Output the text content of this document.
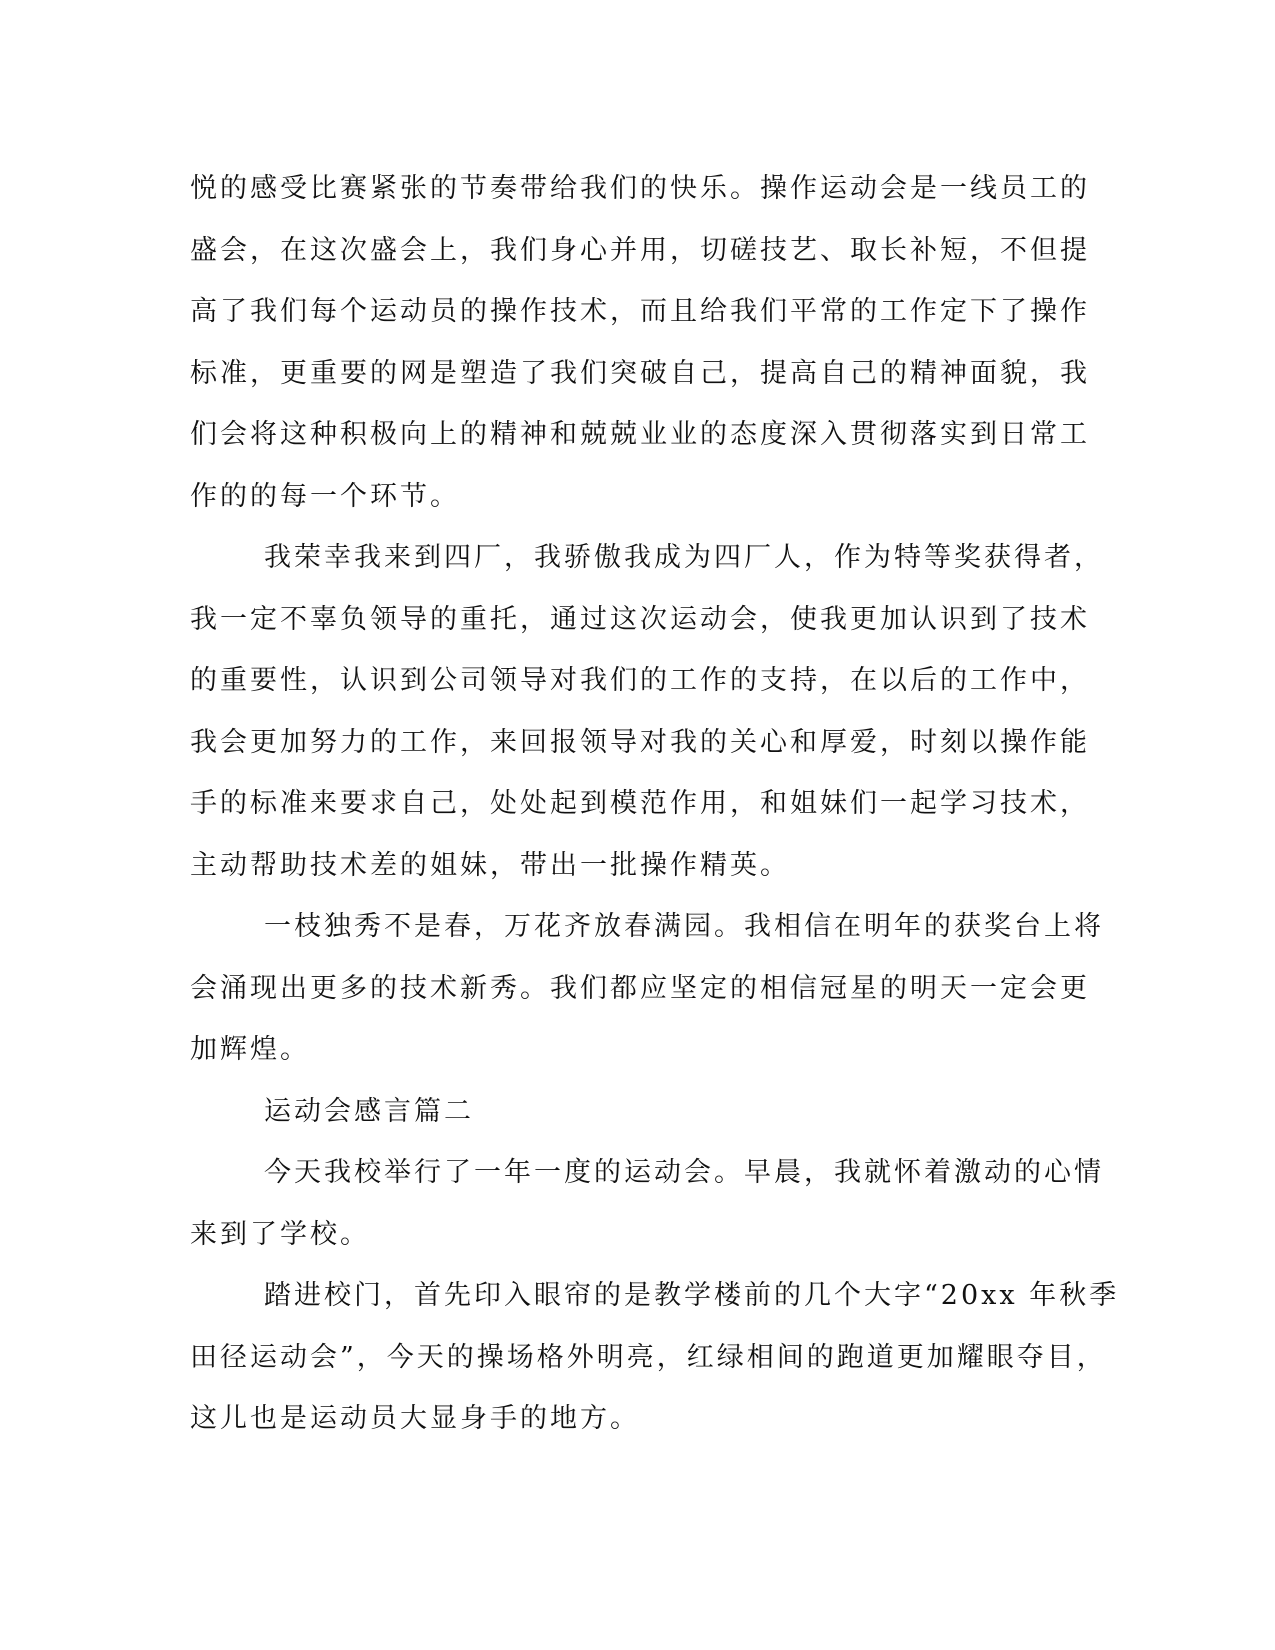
悦的感受比赛紧张的节奏带给我们的快乐。操作运动会是一线员工的
盛会，在这次盛会上，我们身心并用，切磋技艺、取长补短，不但提
高了我们每个运动员的操作技术，而且给我们平常的工作定下了操作
标准，更重要的网是塑造了我们突破自己，提高自己的精神面貌，我
们会将这种积极向上的精神和兢兢业业的态度深入贯彻落实到日常工
作的的每一个环节。
我荣幸我来到四厂，我骄傲我成为四厂人，作为特等奖获得者，
我一定不辜负领导的重托，通过这次运动会，使我更加认识到了技术
的重要性，认识到公司领导对我们的工作的支持，在以后的工作中，
我会更加努力的工作，来回报领导对我的关心和厚爱，时刻以操作能
手的标准来要求自己，处处起到模范作用，和姐妹们一起学习技术，
主动帮助技术差的姐妹，带出一批操作精英。
一枝独秀不是春，万花齐放春满园。我相信在明年的获奖台上将
会涌现出更多的技术新秀。我们都应坚定的相信冠星的明天一定会更
加辉煌。
运动会感言篇二
今天我校举行了一年一度的运动会。早晨，我就怀着激动的心情
来到了学校。
踏进校门，首先印入眼帘的是教学楼前的几个大字“20xx 年秋季
田径运动会”，今天的操场格外明亮，红绿相间的跑道更加耀眼夺目，
这儿也是运动员大显身手的地方。
